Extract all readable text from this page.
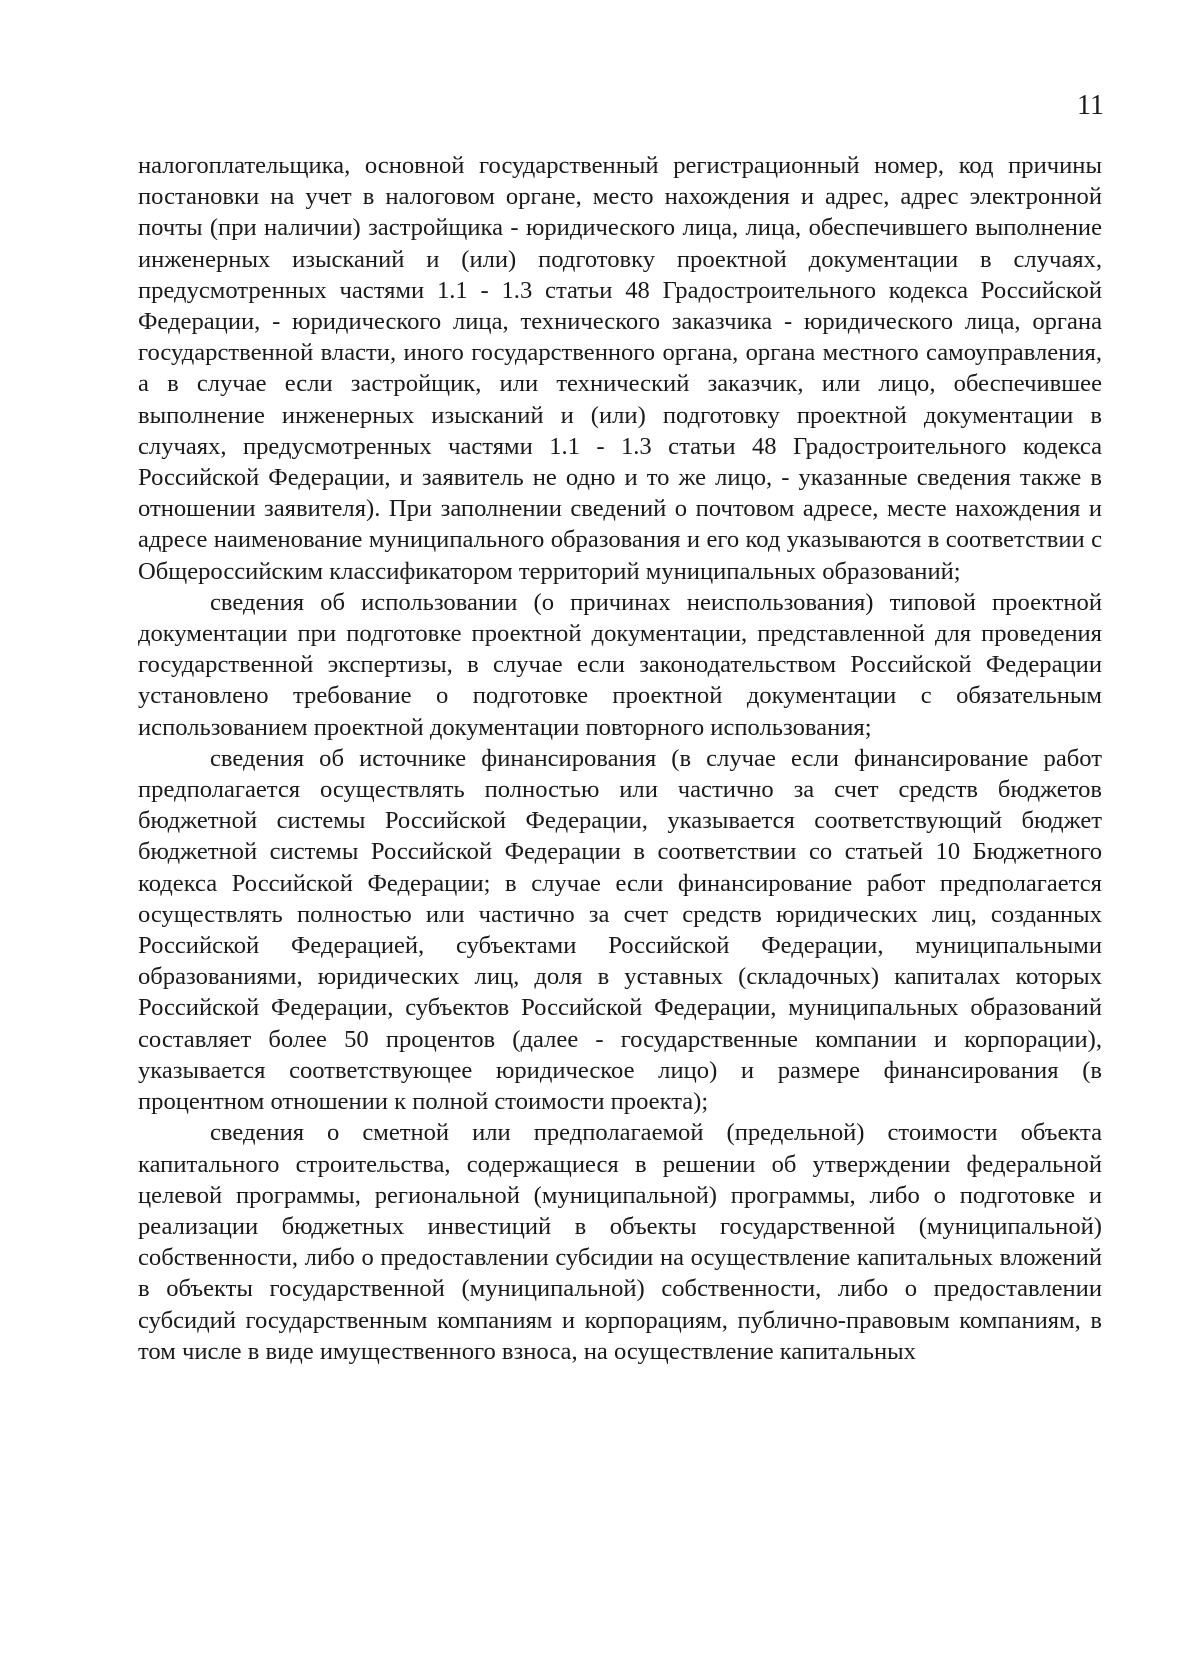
11

налогоплательщика, основной государственный регистрационный номер, код причины постановки на учет в налоговом органе, место нахождения и адрес, адрес электронной почты (при наличии) застройщика - юридического лица, лица, обеспечившего выполнение инженерных изысканий и (или) подготовку проектной документации в случаях, предусмотренных частями 1.1 - 1.3 статьи 48 Градостроительного кодекса Российской Федерации, - юридического лица, технического заказчика - юридического лица, органа государственной власти, иного государственного органа, органа местного самоуправления, а в случае если застройщик, или технический заказчик, или лицо, обеспечившее выполнение инженерных изысканий и (или) подготовку проектной документации в случаях, предусмотренных частями 1.1 - 1.3 статьи 48 Градостроительного кодекса Российской Федерации, и заявитель не одно и то же лицо, - указанные сведения также в отношении заявителя). При заполнении сведений о почтовом адресе, месте нахождения и адресе наименование муниципального образования и его код указываются в соответствии с Общероссийским классификатором территорий муниципальных образований;

сведения об использовании (о причинах неиспользования) типовой проектной документации при подготовке проектной документации, представленной для проведения государственной экспертизы, в случае если законодательством Российской Федерации установлено требование о подготовке проектной документации с обязательным использованием проектной документации повторного использования;

сведения об источнике финансирования (в случае если финансирование работ предполагается осуществлять полностью или частично за счет средств бюджетов бюджетной системы Российской Федерации, указывается соответствующий бюджет бюджетной системы Российской Федерации в соответствии со статьей 10 Бюджетного кодекса Российской Федерации; в случае если финансирование работ предполагается осуществлять полностью или частично за счет средств юридических лиц, созданных Российской Федерацией, субъектами Российской Федерации, муниципальными образованиями, юридических лиц, доля в уставных (складочных) капиталах которых Российской Федерации, субъектов Российской Федерации, муниципальных образований составляет более 50 процентов (далее - государственные компании и корпорации), указывается соответствующее юридическое лицо) и размере финансирования (в процентном отношении к полной стоимости проекта);

сведения о сметной или предполагаемой (предельной) стоимости объекта капитального строительства, содержащиеся в решении об утверждении федеральной целевой программы, региональной (муниципальной) программы, либо о подготовке и реализации бюджетных инвестиций в объекты государственной (муниципальной) собственности, либо о предоставлении субсидии на осуществление капитальных вложений в объекты государственной (муниципальной) собственности, либо о предоставлении субсидий государственным компаниям и корпорациям, публично-правовым компаниям, в том числе в виде имущественного взноса, на осуществление капитальных
